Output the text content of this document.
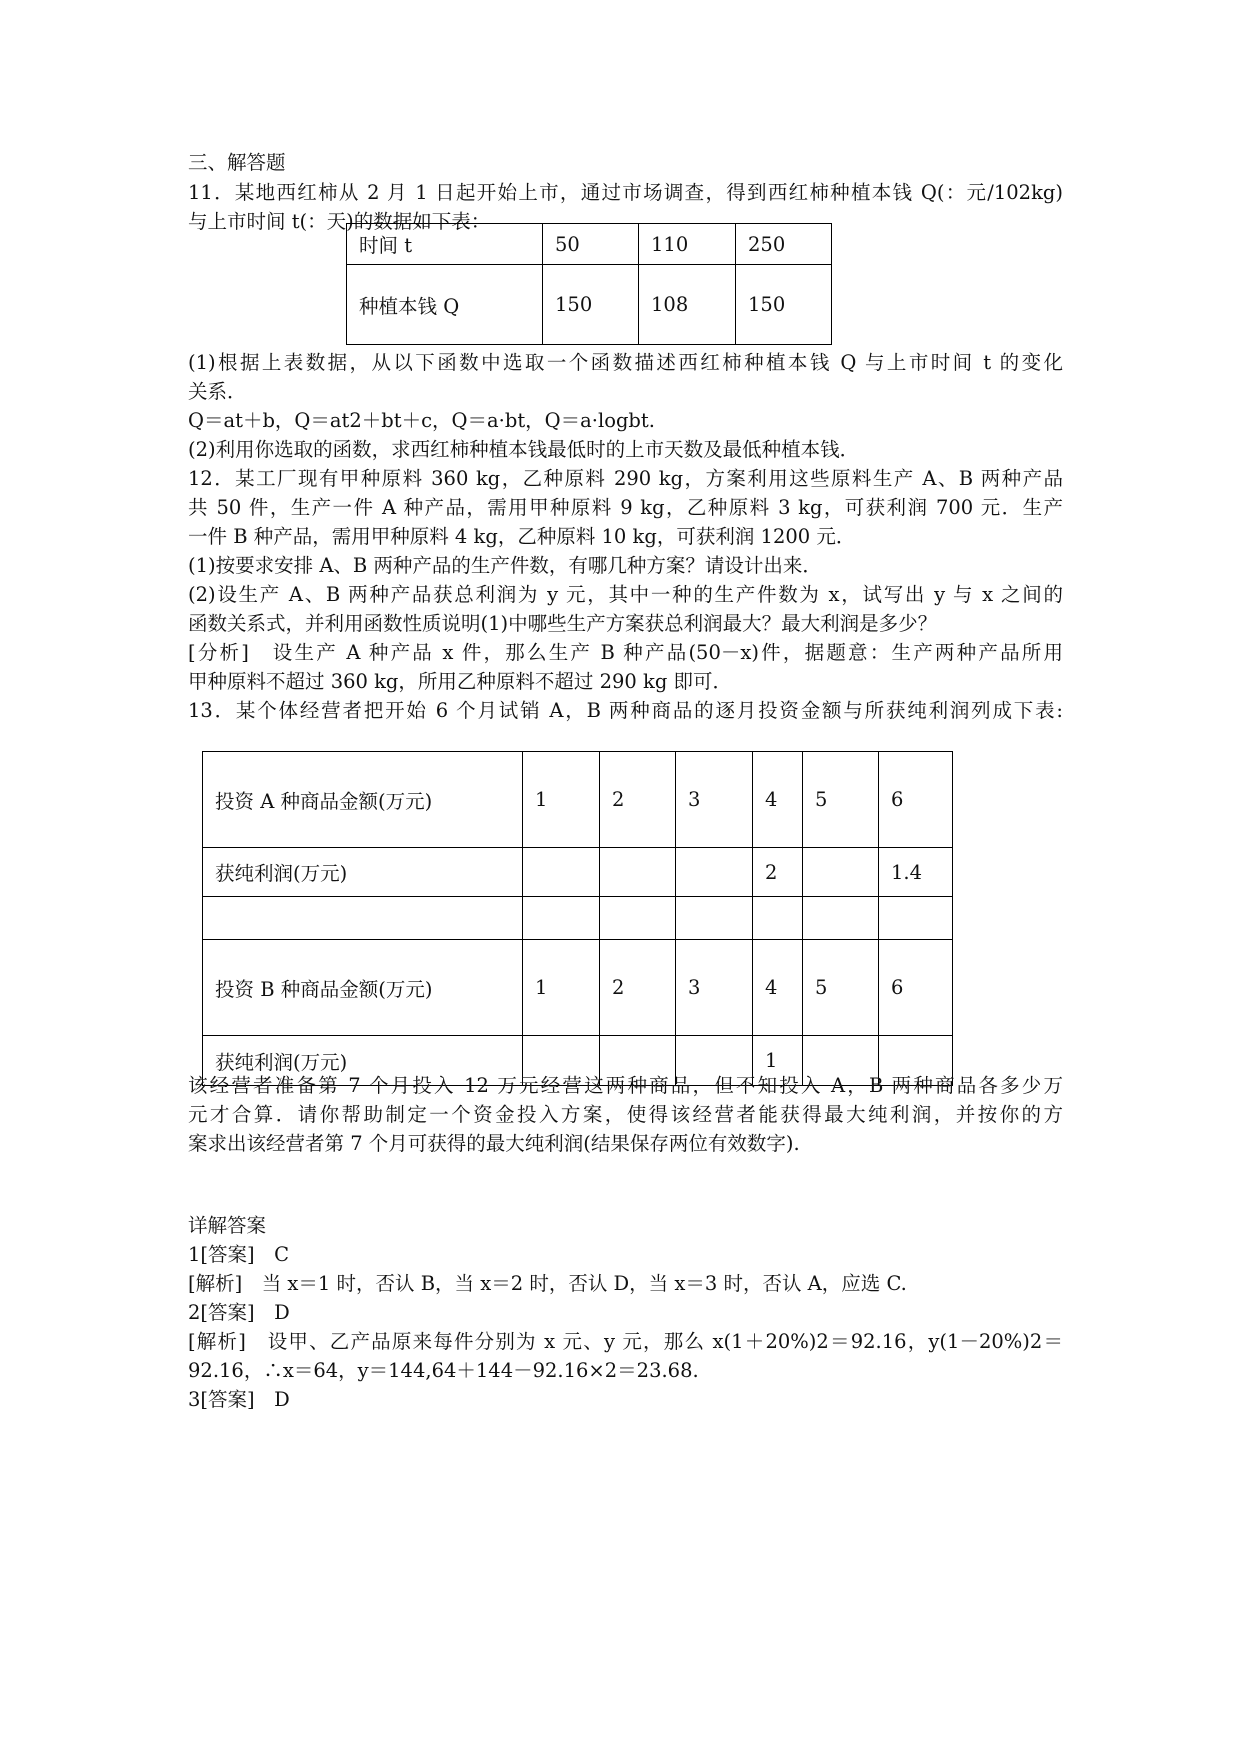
三、解答题
11．某地西红柿从 2 月 1 日起开始上市，通过市场调查，得到西红柿种植本钱 Q(：元/102kg)
与上市时间 t(：天)的数据如下表：
时间 t	50	110	250
种植本钱 Q	150	108	150
(1)根据上表数据，从以下函数中选取一个函数描述西红柿种植本钱 Q 与上市时间 t 的变化
关系．
Q＝at＋b，Q＝at2＋bt＋c，Q＝a·bt，Q＝a·logbt.
(2)利用你选取的函数，求西红柿种植本钱最低时的上市天数及最低种植本钱．
12．某工厂现有甲种原料 360 kg，乙种原料 290 kg，方案利用这些原料生产 A、B 两种产品
共 50 件，生产一件 A 种产品，需用甲种原料 9 kg，乙种原料 3 kg，可获利润 700 元．生产
一件 B 种产品，需用甲种原料 4 kg，乙种原料 10 kg，可获利润 1200 元．
(1)按要求安排 A、B 两种产品的生产件数，有哪几种方案？请设计出来．
(2)设生产 A、B 两种产品获总利润为 y 元，其中一种的生产件数为 x，试写出 y 与 x 之间的
函数关系式，并利用函数性质说明(1)中哪些生产方案获总利润最大？最大利润是多少？
[分析]　设生产 A 种产品 x 件，那么生产 B 种产品(50－x)件，据题意：生产两种产品所用
甲种原料不超过 360 kg，所用乙种原料不超过 290 kg 即可．
13．某个体经营者把开始 6 个月试销 A，B 两种商品的逐月投资金额与所获纯利润列成下表:
投资 A 种商品金额(万元)	1	2	3	4	5	6
获纯利润(万元)				2		1.4

投资 B 种商品金额(万元)	1	2	3	4	5	6
获纯利润(万元)				1		
该经营者准备第 7 个月投入 12 万元经营这两种商品，但不知投入 A，B 两种商品各多少万
元才合算．请你帮助制定一个资金投入方案，使得该经营者能获得最大纯利润，并按你的方
案求出该经营者第 7 个月可获得的最大纯利润(结果保存两位有效数字).
详解答案
1[答案]　C
[解析]　当 x＝1 时，否认 B，当 x＝2 时，否认 D，当 x＝3 时，否认 A，应选 C.
2[答案]　D
[解析]　设甲、乙产品原来每件分别为 x 元、y 元，那么 x(1＋20%)2＝92.16，y(1－20%)2＝
92.16，∴x＝64，y＝144,64＋144－92.16×2＝23.68.
3[答案]　D
